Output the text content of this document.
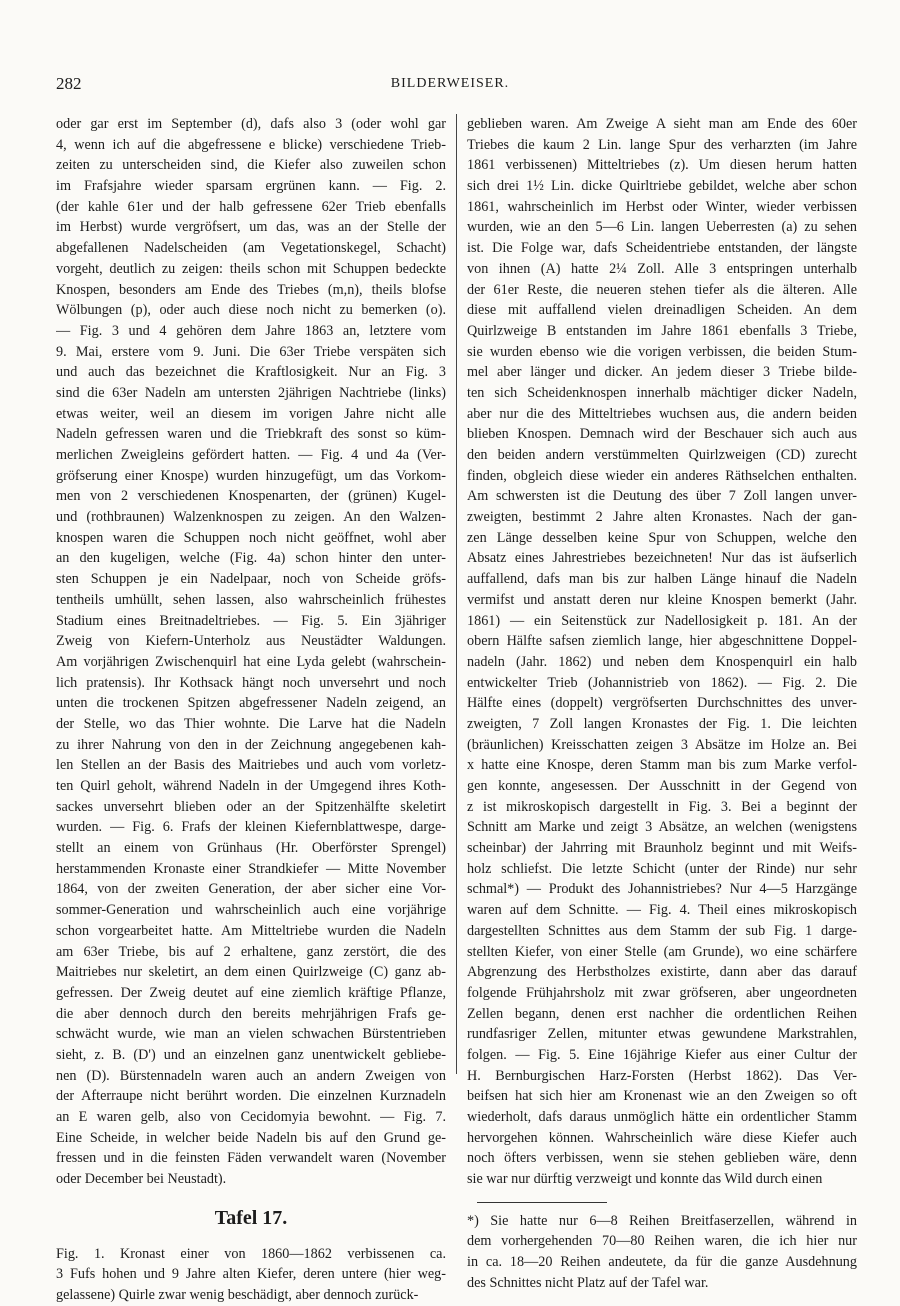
282	BILDERWEISER.
oder gar erst im September (d), dafs also 3 (oder wohl gar
4, wenn ich auf die abgefressene e blicke) verschiedene Trieb-
zeiten zu unterscheiden sind, die Kiefer also zuweilen schon
im Frafsjahre wieder sparsam ergrünen kann. — Fig. 2.
(der kahle 61er und der halb gefressene 62er Trieb ebenfalls
im Herbst) wurde vergröfsert, um das, was an der Stelle der
abgefallenen Nadelscheiden (am Vegetationskegel, Schacht)
vorgeht, deutlich zu zeigen: theils schon mit Schuppen bedeckte
Knospen, besonders am Ende des Triebes (m,n), theils blofse
Wölbungen (p), oder auch diese noch nicht zu bemerken (o).
— Fig. 3 und 4 gehören dem Jahre 1863 an, letztere vom
9. Mai, erstere vom 9. Juni. Die 63er Triebe verspäten sich
und auch das bezeichnet die Kraftlosigkeit. Nur an Fig. 3
sind die 63er Nadeln am untersten 2jährigen Nachtriebe (links)
etwas weiter, weil an diesem im vorigen Jahre nicht alle
Nadeln gefressen waren und die Triebkraft des sonst so küm-
merlichen Zweigleins gefördert hatten. — Fig. 4 und 4a (Ver-
gröfserung einer Knospe) wurden hinzugefügt, um das Vorkom-
men von 2 verschiedenen Knospenarten, der (grünen) Kugel-
und (rothbraunen) Walzenknospen zu zeigen. An den Walzen-
knospen waren die Schuppen noch nicht geöffnet, wohl aber
an den kugeligen, welche (Fig. 4a) schon hinter den unter-
sten Schuppen je ein Nadelpaar, noch von Scheide gröfs-
tentheils umhüllt, sehen lassen, also wahrscheinlich frühestes
Stadium eines Breitnadeltriebes. — Fig. 5. Ein 3jähriger
Zweig von Kiefern-Unterholz aus Neustädter Waldungen.
Am vorjährigen Zwischenquirl hat eine Lyda gelebt (wahrschein-
lich pratensis). Ihr Kothsack hängt noch unversehrt und noch
unten die trockenen Spitzen abgefressener Nadeln zeigend, an
der Stelle, wo das Thier wohnte. Die Larve hat die Nadeln
zu ihrer Nahrung von den in der Zeichnung angegebenen kah-
len Stellen an der Basis des Maitriebes und auch vom vorletz-
ten Quirl geholt, während Nadeln in der Umgegend ihres Koth-
sackes unversehrt blieben oder an der Spitzenhälfte skeletirt
wurden. — Fig. 6. Frafs der kleinen Kiefernblattwespe, darge-
stellt an einem von Grünhaus (Hr. Oberförster Sprengel)
herstammenden Kronaste einer Strandkiefer — Mitte November
1864, von der zweiten Generation, der aber sicher eine Vor-
sommer-Generation und wahrscheinlich auch eine vorjährige
schon vorgearbeitet hatte. Am Mitteltriebe wurden die Nadeln
am 63er Triebe, bis auf 2 erhaltene, ganz zerstört, die des
Maitriebes nur skeletirt, an dem einen Quirlzweige (C) ganz ab-
gefressen. Der Zweig deutet auf eine ziemlich kräftige Pflanze,
die aber dennoch durch den bereits mehrjährigen Frafs ge-
schwächt wurde, wie man an vielen schwachen Bürstentrieben
sieht, z. B. (D') und an einzelnen ganz unentwickelt gebliebe-
nen (D). Bürstennadeln waren auch an andern Zweigen von
der Afterraupe nicht berührt worden. Die einzelnen Kurznadeln
an E waren gelb, also von Cecidomyia bewohnt. — Fig. 7.
Eine Scheide, in welcher beide Nadeln bis auf den Grund ge-
fressen und in die feinsten Fäden verwandelt waren (November
oder December bei Neustadt).
Tafel 17.
Fig. 1. Kronast einer von 1860—1862 verbissenen ca.
3 Fufs hohen und 9 Jahre alten Kiefer, deren untere (hier weg-
gelassene) Quirle zwar wenig beschädigt, aber dennoch zurück-
geblieben waren. Am Zweige A sieht man am Ende des 60er
Triebes die kaum 2 Lin. lange Spur des verharzten (im Jahre
1861 verbissenen) Mitteltriebes (z). Um diesen herum hatten
sich drei 1½ Lin. dicke Quirltriebe gebildet, welche aber schon
1861, wahrscheinlich im Herbst oder Winter, wieder verbissen
wurden, wie an den 5—6 Lin. langen Ueberresten (a) zu sehen
ist. Die Folge war, dafs Scheidentriebe entstanden, der längste
von ihnen (A) hatte 2¼ Zoll. Alle 3 entspringen unterhalb
der 61er Reste, die neueren stehen tiefer als die älteren. Alle
diese mit auffallend vielen dreinadligen Scheiden. An dem
Quirlzweige B entstanden im Jahre 1861 ebenfalls 3 Triebe,
sie wurden ebenso wie die vorigen verbissen, die beiden Stum-
mel aber länger und dicker. An jedem dieser 3 Triebe bilde-
ten sich Scheidenknospen innerhalb mächtiger dicker Nadeln,
aber nur die des Mitteltriebes wuchsen aus, die andern beiden
blieben Knospen. Demnach wird der Beschauer sich auch aus
den beiden andern verstümmelten Quirlzweigen (CD) zurecht
finden, obgleich diese wieder ein anderes Räthselchen enthalten.
Am schwersten ist die Deutung des über 7 Zoll langen unver-
zweigten, bestimmt 2 Jahre alten Kronastes. Nach der gan-
zen Länge desselben keine Spur von Schuppen, welche den
Absatz eines Jahrestriebes bezeichneten! Nur das ist äufserlich
auffallend, dafs man bis zur halben Länge hinauf die Nadeln
vermifst und anstatt deren nur kleine Knospen bemerkt (Jahr.
1861) — ein Seitenstück zur Nadellosigkeit p. 181. An der
obern Hälfte safsen ziemlich lange, hier abgeschnittene Doppel-
nadeln (Jahr. 1862) und neben dem Knospenquirl ein halb
entwickelter Trieb (Johannistrieb von 1862). — Fig. 2. Die
Hälfte eines (doppelt) vergröfserten Durchschnittes des unver-
zweigten, 7 Zoll langen Kronastes der Fig. 1. Die leichten
(bräunlichen) Kreisschatten zeigen 3 Absätze im Holze an. Bei
x hatte eine Knospe, deren Stamm man bis zum Marke verfol-
gen konnte, angesessen. Der Ausschnitt in der Gegend von
z ist mikroskopisch dargestellt in Fig. 3. Bei a beginnt der
Schnitt am Marke und zeigt 3 Absätze, an welchen (wenigstens
scheinbar) der Jahrring mit Braunholz beginnt und mit Weifs-
holz schliefst. Die letzte Schicht (unter der Rinde) nur sehr
schmal*) — Produkt des Johannistriebes? Nur 4—5 Harzgänge
waren auf dem Schnitte. — Fig. 4. Theil eines mikroskopisch
dargestellten Schnittes aus dem Stamm der sub Fig. 1 darge-
stellten Kiefer, von einer Stelle (am Grunde), wo eine schärfere
Abgrenzung des Herbstholzes existirte, dann aber das darauf
folgende Frühjahrsholz mit zwar gröfseren, aber ungeordneten
Zellen begann, denen erst nachher die ordentlichen Reihen
rundfasriger Zellen, mitunter etwas gewundene Markstrahlen,
folgen. — Fig. 5. Eine 16jährige Kiefer aus einer Cultur der
H. Bernburgischen Harz-Forsten (Herbst 1862). Das Ver-
beifsen hat sich hier am Kronenast wie an den Zweigen so oft
wiederholt, dafs daraus unmöglich hätte ein ordentlicher Stamm
hervorgehen können. Wahrscheinlich wäre diese Kiefer auch
noch öfters verbissen, wenn sie stehen geblieben wäre, denn
sie war nur dürftig verzweigt und konnte das Wild durch einen
*) Sie hatte nur 6—8 Reihen Breitfaserzellen, während in
dem vorhergehenden 70—80 Reihen waren, die ich hier nur
in ca. 18—20 Reihen andeutete, da für die ganze Ausdehnung
des Schnittes nicht Platz auf der Tafel war.
